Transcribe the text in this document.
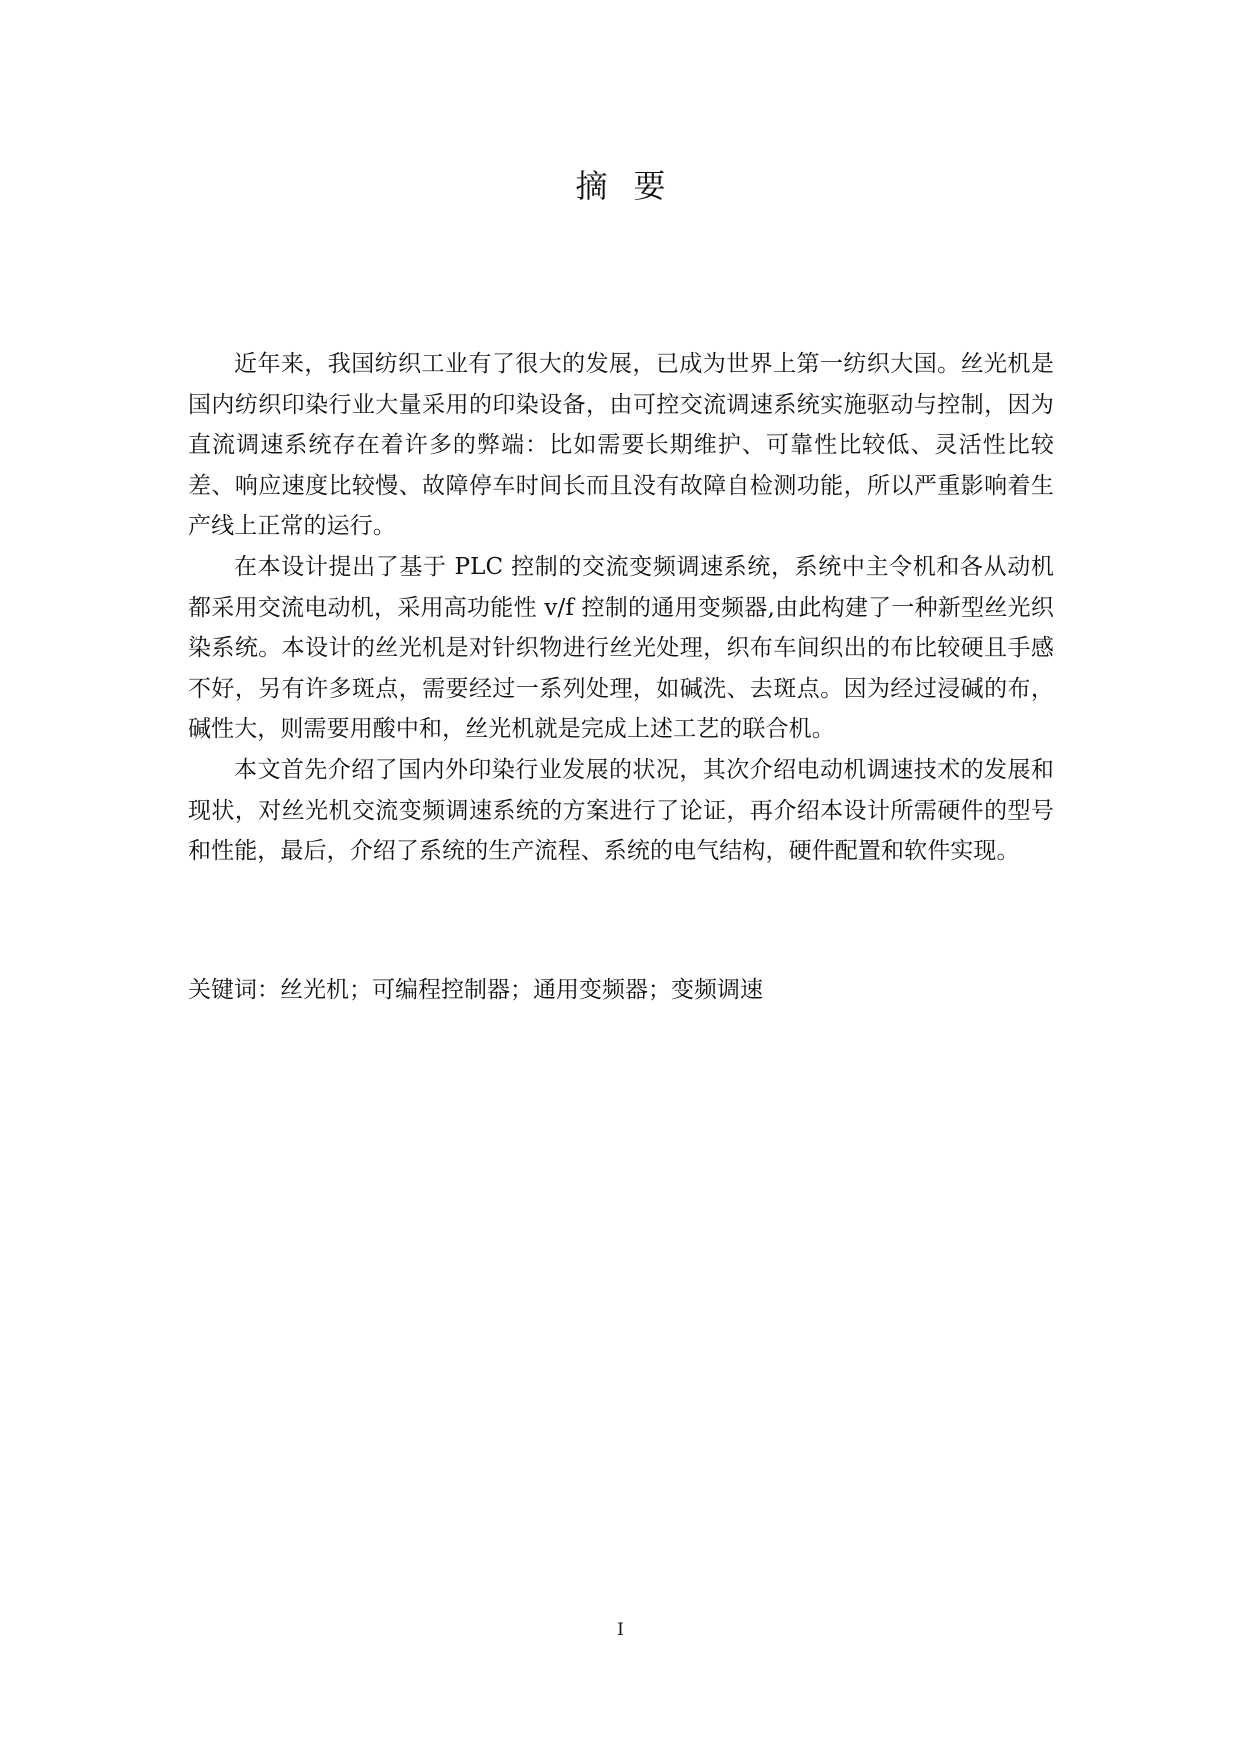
摘要

近年来，我国纺织工业有了很大的发展，已成为世界上第一纺织大国。丝光机是国内纺织印染行业大量采用的印染设备，由可控交流调速系统实施驱动与控制，因为直流调速系统存在着许多的弊端：比如需要长期维护、可靠性比较低、灵活性比较差、响应速度比较慢、故障停车时间长而且没有故障自检测功能，所以严重影响着生产线上正常的运行。

在本设计提出了基于 PLC 控制的交流变频调速系统，系统中主令机和各从动机都采用交流电动机，采用高功能性 v/f 控制的通用变频器,由此构建了一种新型丝光织染系统。本设计的丝光机是对针织物进行丝光处理，织布车间织出的布比较硬且手感不好，另有许多斑点，需要经过一系列处理，如碱洗、去斑点。因为经过浸碱的布，碱性大，则需要用酸中和，丝光机就是完成上述工艺的联合机。

本文首先介绍了国内外印染行业发展的状况，其次介绍电动机调速技术的发展和现状，对丝光机交流变频调速系统的方案进行了论证，再介绍本设计所需硬件的型号和性能，最后，介绍了系统的生产流程、系统的电气结构，硬件配置和软件实现。

关键词：丝光机；可编程控制器；通用变频器；变频调速

I
